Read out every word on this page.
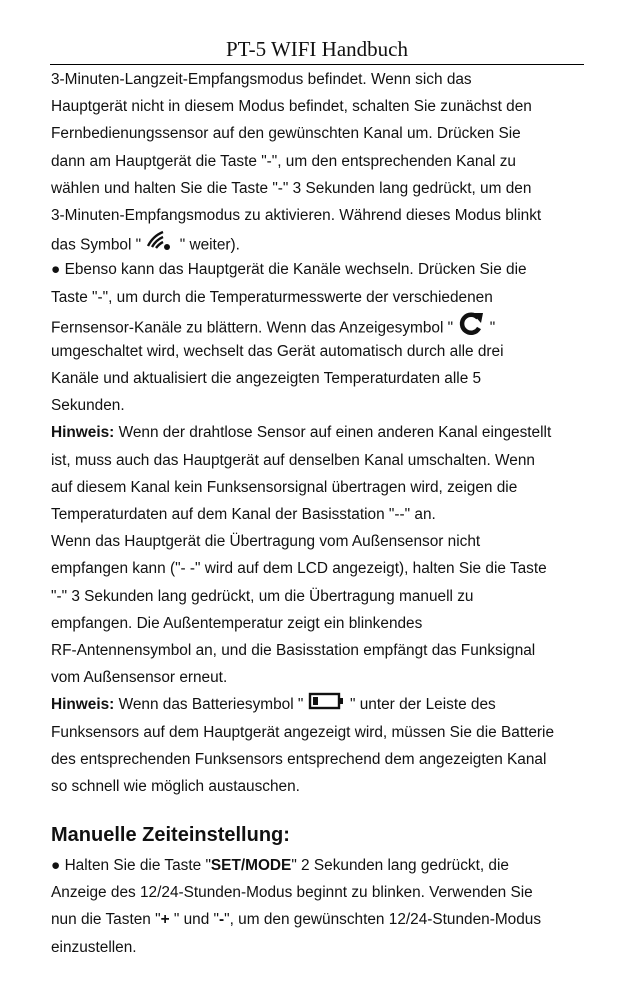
PT-5 WIFI Handbuch
3-Minuten-Langzeit-Empfangsmodus befindet. Wenn sich das
Hauptgerät nicht in diesem Modus befindet, schalten Sie zunächst den
Fernbedienungssensor auf den gewünschten Kanal um. Drücken Sie
dann am Hauptgerät die Taste "-", um den entsprechenden Kanal zu
wählen und halten Sie die Taste "-" 3 Sekunden lang gedrückt, um den
3-Minuten-Empfangsmodus zu aktivieren. Während dieses Modus blinkt
das Symbol "	" weiter).
● Ebenso kann das Hauptgerät die Kanäle wechseln. Drücken Sie die
Taste "-", um durch die Temperaturmesswerte der verschiedenen
Fernsensor-Kanäle zu blättern. Wenn das Anzeigesymbol "  "
umgeschaltet wird, wechselt das Gerät automatisch durch alle drei
Kanäle und aktualisiert die angezeigten Temperaturdaten alle 5
Sekunden.
Hinweis: Wenn der drahtlose Sensor auf einen anderen Kanal eingestellt
ist, muss auch das Hauptgerät auf denselben Kanal umschalten. Wenn
auf diesem Kanal kein Funksensorsignal übertragen wird, zeigen die
Temperaturdaten auf dem Kanal der Basisstation "--" an.
Wenn das Hauptgerät die Übertragung vom Außensensor nicht
empfangen kann ("- -" wird auf dem LCD angezeigt), halten Sie die Taste
"-" 3 Sekunden lang gedrückt, um die Übertragung manuell zu
empfangen. Die Außentemperatur zeigt ein blinkendes
RF-Antennensymbol an, und die Basisstation empfängt das Funksignal
vom Außensensor erneut.
Hinweis: Wenn das Batteriesymbol "	" unter der Leiste des
Funksensors auf dem Hauptgerät angezeigt wird, müssen Sie die Batterie
des entsprechenden Funksensors entsprechend dem angezeigten Kanal
so schnell wie möglich austauschen.
Manuelle Zeiteinstellung:
● Halten Sie die Taste "SET/MODE" 2 Sekunden lang gedrückt, die
Anzeige des 12/24-Stunden-Modus beginnt zu blinken. Verwenden Sie
nun die Tasten "+ " und "-", um den gewünschten 12/24-Stunden-Modus
einzustellen.
